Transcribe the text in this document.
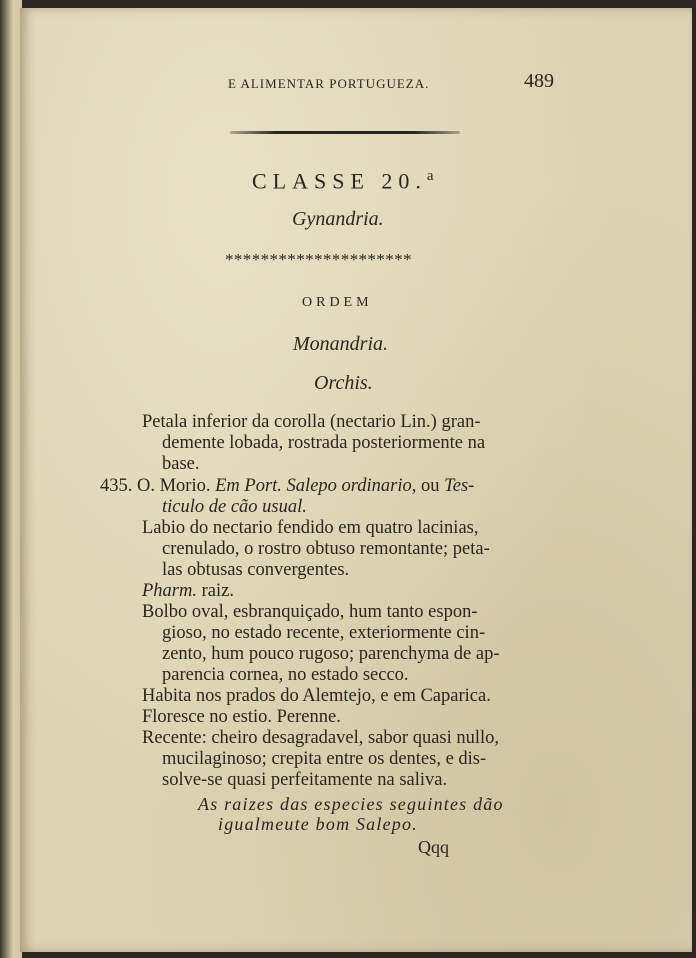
E ALIMENTAR PORTUGUEZA.	489
CLASSE 20.$^a$
Gynandria.
*********************
ORDEM
Monandria.
Orchis.
Petala inferior da corolla (nectario Lin.) gran-
demente lobada, rostrada posteriormente na
base.
435. O. Morio. Em Port. Salepo ordinario, ou Tes-
ticulo de cão usual.
Labio do nectario fendido em quatro lacinias,
crenulado, o rostro obtuso remontante; peta-
las obtusas convergentes.
Pharm. raiz.
Bolbo oval, esbranquiçado, hum tanto espon-
gioso, no estado recente, exteriormente cin-
zento, hum pouco rugoso; parenchyma de ap-
parencia cornea, no estado secco.
Habita nos prados do Alemtejo, e em Caparica.
Floresce no estio. Perenne.
Recente: cheiro desagradavel, sabor quasi nullo,
mucilaginoso; crepita entre os dentes, e dis-
solve-se quasi perfeitamente na saliva.
As raizes das especies seguintes dão
igualmeute bom Salepo.
Qqq
